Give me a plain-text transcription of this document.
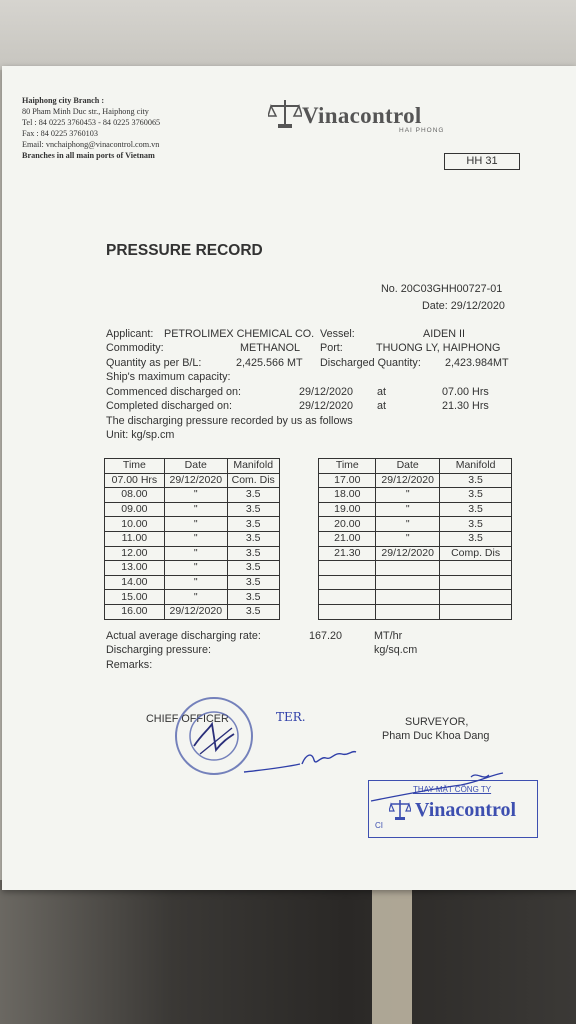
Haiphong city Branch :
80 Pham Minh Duc str., Haiphong city
Tel : 84 0225 3760453 - 84 0225 3760065
Fax : 84 0225 3760103
Email: vnchaiphong@vinacontrol.com.vn
Branches in all main ports of Vietnam
Vinacontrol
HAI PHONG
HH 31
PRESSURE RECORD
No. 20C03GHH00727-01
Date: 29/12/2020
Applicant: PETROLIMEX CHEMICAL CO. Vessel:	AIDEN II
Commodity:	METHANOL Port:	THUONG LY, HAIPHONG
Quantity as per B/L:	2,425.566 MT Discharged Quantity: 2,423.984MT
Ship's maximum capacity:
Commenced discharged on:	29/12/2020 at	07.00 Hrs
Completed discharged on:	29/12/2020 at	21.30 Hrs
The discharging pressure recorded by us as follows
Unit: kg/sp.cm
Time	Date	Manifold		Time	Date	Manifold
07.00 Hrs	29/12/2020	Com. Dis		17.00	29/12/2020	3.5
08.00	"	3.5		18.00	"	3.5
09.00	"	3.5		19.00	"	3.5
10.00	"	3.5		20.00	"	3.5
11.00	"	3.5		21.00	"	3.5
12.00	"	3.5		21.30	29/12/2020	Comp. Dis
13.00	"	3.5				
14.00	"	3.5				
15.00	"	3.5				
16.00	29/12/2020	3.5				
Actual average discharging rate:	167.20	MT/hr
Discharging pressure:	kg/sq.cm
Remarks:
CHIEF OFFICER	TER.	SURVEYOR,
Pham Duc Khoa Dang
THAY MẶT CÔNG TY
Vinacontrol
CI
